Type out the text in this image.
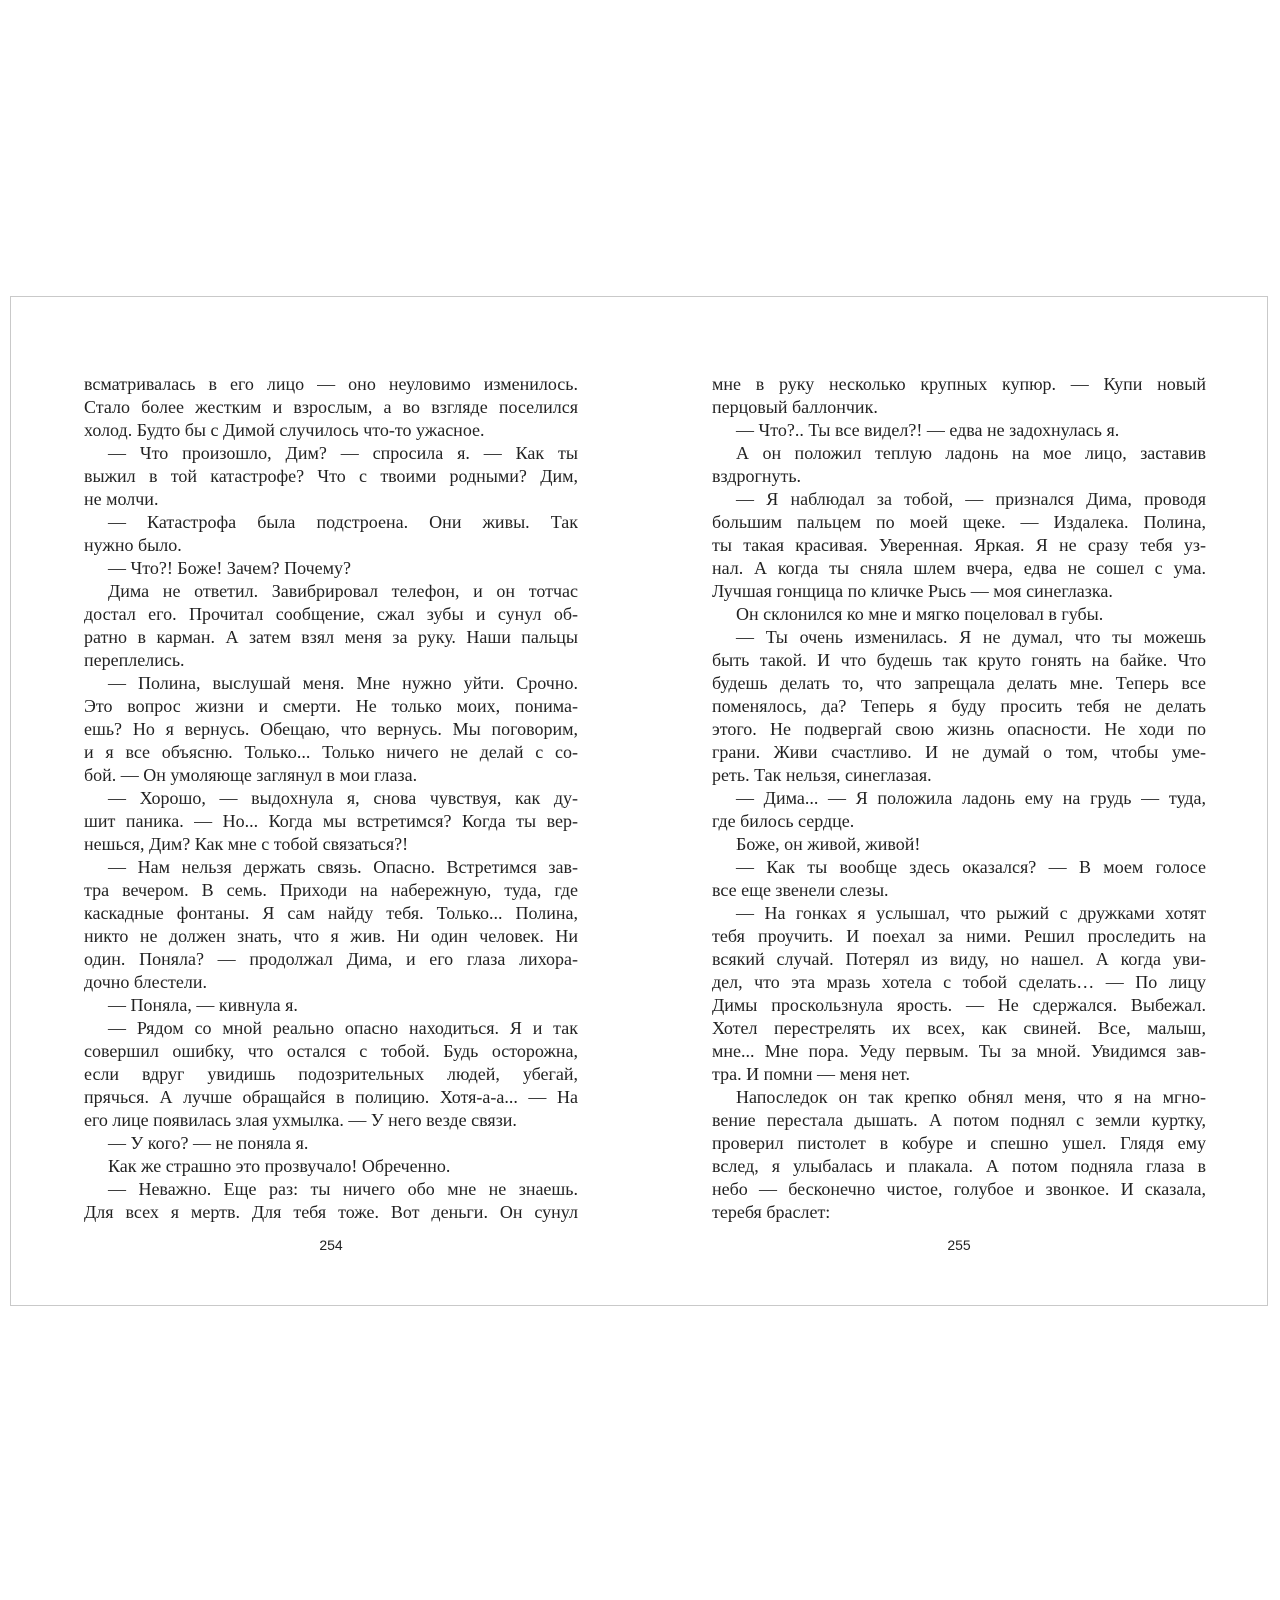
всматривалась в его лицо — оно неуловимо изменилось.
Стало более жестким и взрослым, а во взгляде поселился
холод. Будто бы с Димой случилось что-то ужасное.
— Что произошло, Дим? — спросила я. — Как ты
выжил в той катастрофе? Что с твоими родными? Дим,
не молчи.
— Катастрофа была подстроена. Они живы. Так
нужно было.
— Что?! Боже! Зачем? Почему?
Дима не ответил. Завибрировал телефон, и он тотчас
достал его. Прочитал сообщение, сжал зубы и сунул об-
ратно в карман. А затем взял меня за руку. Наши пальцы
переплелись.
— Полина, выслушай меня. Мне нужно уйти. Срочно.
Это вопрос жизни и смерти. Не только моих, понима-
ешь? Но я вернусь. Обещаю, что вернусь. Мы поговорим,
и я все объясню. Только... Только ничего не делай с со-
бой. — Он умоляюще заглянул в мои глаза.
— Хорошо, — выдохнула я, снова чувствуя, как ду-
шит паника. — Но... Когда мы встретимся? Когда ты вер-
нешься, Дим? Как мне с тобой связаться?!
— Нам нельзя держать связь. Опасно. Встретимся зав-
тра вечером. В семь. Приходи на набережную, туда, где
каскадные фонтаны. Я сам найду тебя. Только... Полина,
никто не должен знать, что я жив. Ни один человек. Ни
один. Поняла? — продолжал Дима, и его глаза лихора-
дочно блестели.
— Поняла, — кивнула я.
— Рядом со мной реально опасно находиться. Я и так
совершил ошибку, что остался с тобой. Будь осторожна,
если вдруг увидишь подозрительных людей, убегай,
прячься. А лучше обращайся в полицию. Хотя-а-а... — На
его лице появилась злая ухмылка. — У него везде связи.
— У кого? — не поняла я.
Как же страшно это прозвучало! Обреченно.
— Неважно. Еще раз: ты ничего обо мне не знаешь.
Для всех я мертв. Для тебя тоже. Вот деньги. Он сунул
мне в руку несколько крупных купюр. — Купи новый
перцовый баллончик.
— Что?.. Ты все видел?! — едва не задохнулась я.
А он положил теплую ладонь на мое лицо, заставив
вздрогнуть.
— Я наблюдал за тобой, — признался Дима, проводя
большим пальцем по моей щеке. — Издалека. Полина,
ты такая красивая. Уверенная. Яркая. Я не сразу тебя уз-
нал. А когда ты сняла шлем вчера, едва не сошел с ума.
Лучшая гонщица по кличке Рысь — моя синеглазка.
Он склонился ко мне и мягко поцеловал в губы.
— Ты очень изменилась. Я не думал, что ты можешь
быть такой. И что будешь так круто гонять на байке. Что
будешь делать то, что запрещала делать мне. Теперь все
поменялось, да? Теперь я буду просить тебя не делать
этого. Не подвергай свою жизнь опасности. Не ходи по
грани. Живи счастливо. И не думай о том, чтобы уме-
реть. Так нельзя, синеглазая.
— Дима... — Я положила ладонь ему на грудь — туда,
где билось сердце.
Боже, он живой, живой!
— Как ты вообще здесь оказался? — В моем голосе
все еще звенели слезы.
— На гонках я услышал, что рыжий с дружками хотят
тебя проучить. И поехал за ними. Решил проследить на
всякий случай. Потерял из виду, но нашел. А когда уви-
дел, что эта мразь хотела с тобой сделать… — По лицу
Димы проскользнула ярость. — Не сдержался. Выбежал.
Хотел перестрелять их всех, как свиней. Все, малыш,
мне... Мне пора. Уеду первым. Ты за мной. Увидимся зав-
тра. И помни — меня нет.
Напоследок он так крепко обнял меня, что я на мгно-
вение перестала дышать. А потом поднял с земли куртку,
проверил пистолет в кобуре и спешно ушел. Глядя ему
вслед, я улыбалась и плакала. А потом подняла глаза в
небо — бесконечно чистое, голубое и звонкое. И сказала,
теребя браслет:
254	255
